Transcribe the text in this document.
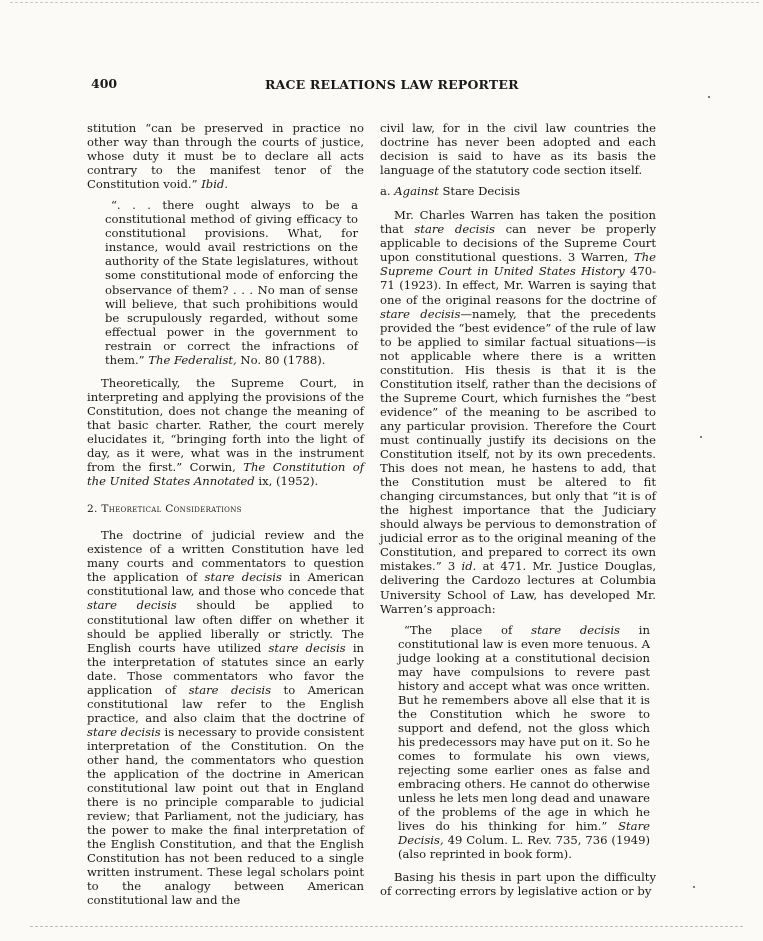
400	RACE RELATIONS LAW REPORTER

stitution “can be preserved in practice no other way than through the courts of justice, whose duty it must be to declare all acts contrary to the manifest tenor of the Constitution void.” Ibid.

“. . . there ought always to be a constitutional method of giving efficacy to constitutional provisions. What, for instance, would avail restrictions on the authority of the State legislatures, without some constitutional mode of enforcing the observance of them? . . . No man of sense will believe, that such prohibitions would be scrupulously regarded, without some effectual power in the government to restrain or correct the infractions of them.” The Federalist, No. 80 (1788).

Theoretically, the Supreme Court, in interpreting and applying the provisions of the Constitution, does not change the meaning of that basic charter. Rather, the court merely elucidates it, “bringing forth into the light of day, as it were, what was in the instrument from the first.” Corwin, The Constitution of the United States Annotated ix, (1952).

2. Theoretical Considerations

The doctrine of judicial review and the existence of a written Constitution have led many courts and commentators to question the application of stare decisis in American constitutional law, and those who concede that stare decisis should be applied to constitutional law often differ on whether it should be applied liberally or strictly. The English courts have utilized stare decisis in the interpretation of statutes since an early date. Those commentators who favor the application of stare decisis to American constitutional law refer to the English practice, and also claim that the doctrine of stare decisis is necessary to provide consistent interpretation of the Constitution. On the other hand, the commentators who question the application of the doctrine in American constitutional law point out that in England there is no principle comparable to judicial review; that Parliament, not the judiciary, has the power to make the final interpretation of the English Constitution, and that the English Constitution has not been reduced to a single written instrument. These legal scholars point to the analogy between American constitutional law and the

civil law, for in the civil law countries the doctrine has never been adopted and each decision is said to have as its basis the language of the statutory code section itself.

a. Against Stare Decisis

Mr. Charles Warren has taken the position that stare decisis can never be properly applicable to decisions of the Supreme Court upon constitutional questions. 3 Warren, The Supreme Court in United States History 470-71 (1923). In effect, Mr. Warren is saying that one of the original reasons for the doctrine of stare decisis—namely, that the precedents provided the “best evidence” of the rule of law to be applied to similar factual situations—is not applicable where there is a written constitution. His thesis is that it is the Constitution itself, rather than the decisions of the Supreme Court, which furnishes the “best evidence” of the meaning to be ascribed to any particular provision. Therefore the Court must continually justify its decisions on the Constitution itself, not by its own precedents. This does not mean, he hastens to add, that the Constitution must be altered to fit changing circumstances, but only that “it is of the highest importance that the Judiciary should always be pervious to demonstration of judicial error as to the original meaning of the Constitution, and prepared to correct its own mistakes.” 3 id. at 471. Mr. Justice Douglas, delivering the Cardozo lectures at Columbia University School of Law, has developed Mr. Warren’s approach:

“The place of stare decisis in constitutional law is even more tenuous. A judge looking at a constitutional decision may have compulsions to revere past history and accept what was once written. But he remembers above all else that it is the Constitution which he swore to support and defend, not the gloss which his predecessors may have put on it. So he comes to formulate his own views, rejecting some earlier ones as false and embracing others. He cannot do otherwise unless he lets men long dead and unaware of the problems of the age in which he lives do his thinking for him.” Stare Decisis, 49 Colum. L. Rev. 735, 736 (1949) (also reprinted in book form).

Basing his thesis in part upon the difficulty of correcting errors by legislative action or by
